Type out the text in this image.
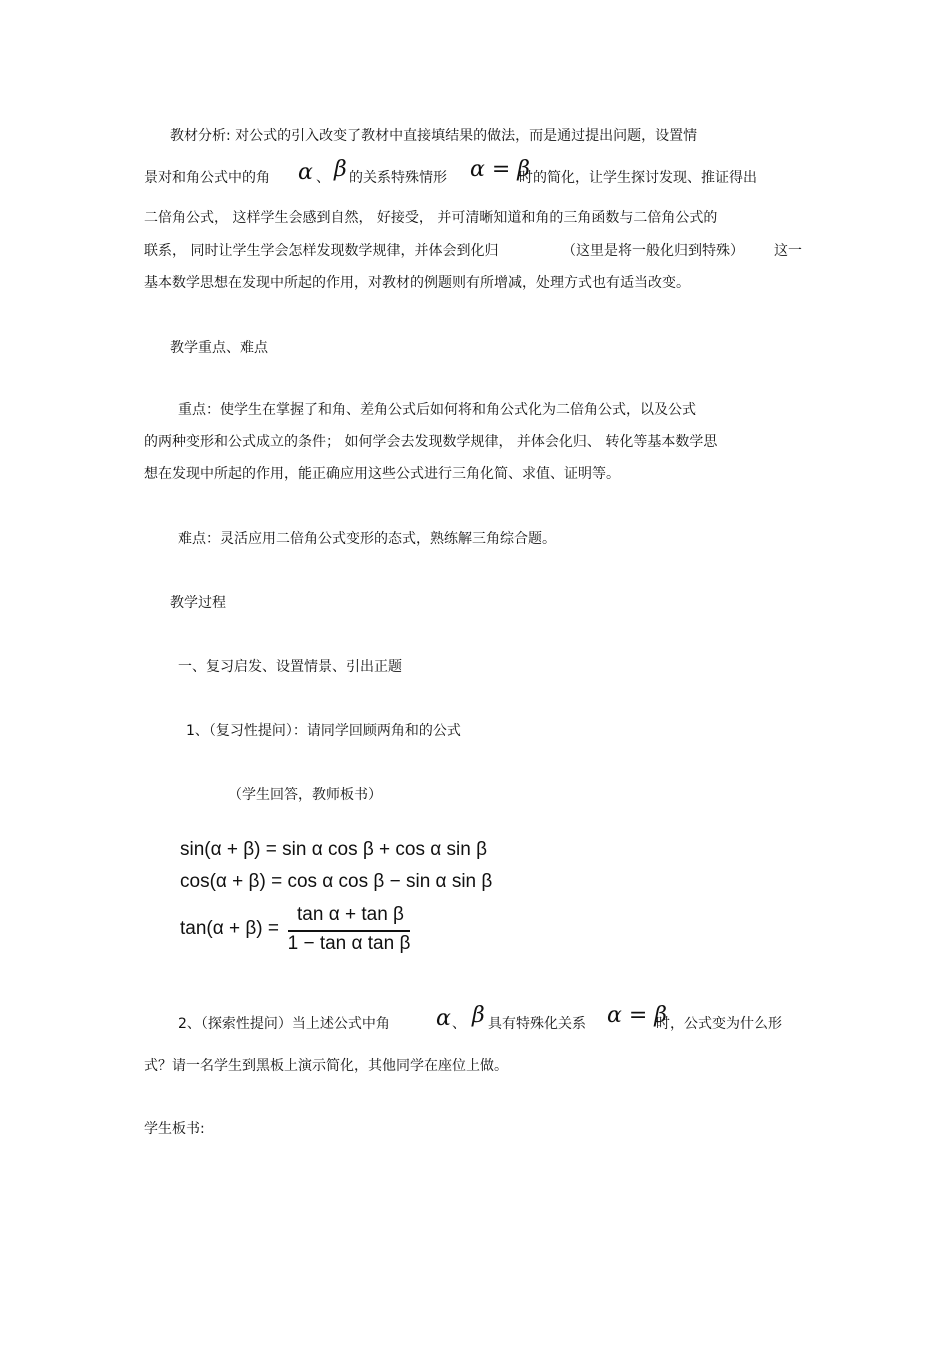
教材分析: 对公式的引入改变了教材中直接填结果的做法，而是通过提出问题，设置情
景对和角公式中的角 α 、 β 的关系特殊情形 α = β
时的简化，让学生探讨发现、推证得出
二倍角公式， 这样学生会感到自然， 好接受， 并可清晰知道和角的三角函数与二倍角公式的
联系， 同时让学生学会怎样发现数学规律，并体会到化归	（这里是将一般化归到特殊） 这一
基本数学思想在发现中所起的作用，对教材的例题则有所增减，处理方式也有适当改变。
教学重点、难点
重点：使学生在掌握了和角、差角公式后如何将和角公式化为二倍角公式，以及公式
的两种变形和公式成立的条件； 如何学会去发现数学规律， 并体会化归、 转化等基本数学思
想在发现中所起的作用，能正确应用这些公式进行三角化简、求值、证明等。
难点：灵活应用二倍角公式变形的态式，熟练解三角综合题。
教学过程
一、复习启发、设置情景、引出正题
1、（复习性提问）：请同学回顾两角和的公式
（学生回答，教师板书）
sin(α + β) = sin α cos β + cos α sin β
cos(α + β) = cos α cos β − sin α sin β
tan(α + β) =
tan α + tan β
1 − tan α tan β
2、（探索性提问）当上述公式中角 α 、 β 具有特殊化关系 α = β
时，公式变为什么形
式？请一名学生到黑板上演示简化，其他同学在座位上做。
学生板书:
